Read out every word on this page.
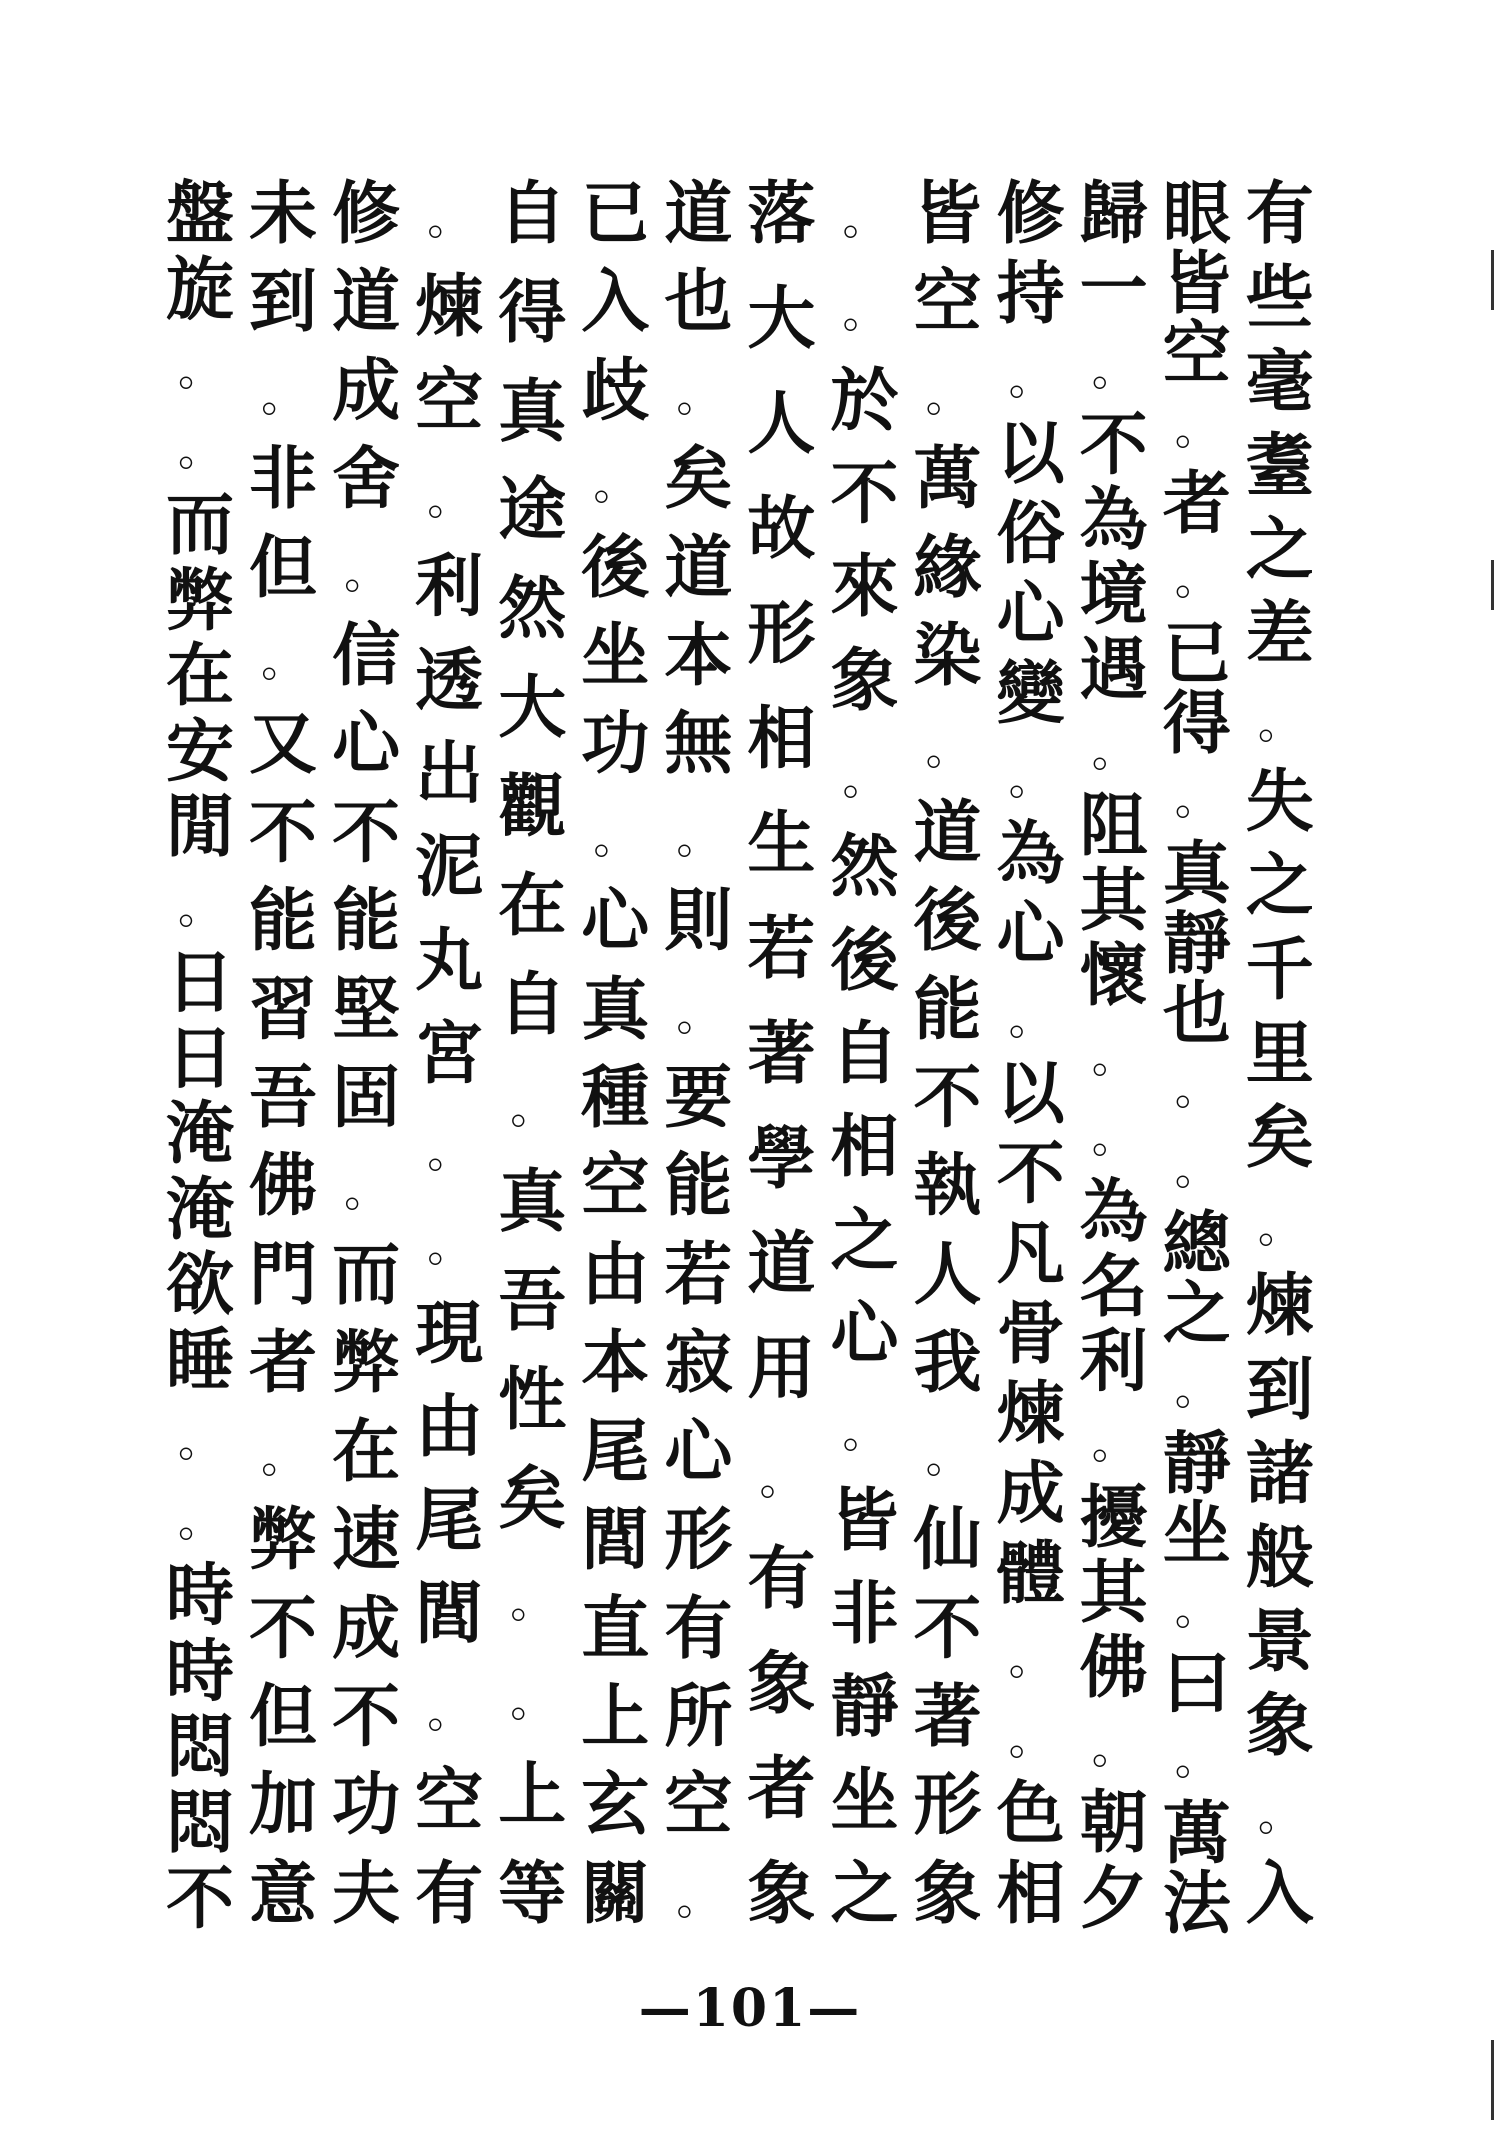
有
些
毫
耋
之
差
。
失
之
千
里
矣
。
煉
到
諸
般
景
象
。
入
眼
皆
空
。
者
。
已
得
。
真
靜
也
。
。
總
之
。
靜
坐
。
曰
。
萬
法
歸
一
。
不
為
境
遇
。
阻
其
懷
。
。
為
名
利
。
擾
其
佛
。
朝
夕
修
持
。
以
俗
心
變
。
為
心
。
以
不
凡
骨
煉
成
體
。
。
色
相
皆
空
。
萬
緣
染
。
道
後
能
不
執
人
我
。
仙
不
著
形
象
。
。
於
不
來
象
。
然
後
自
相
之
心
。
皆
非
靜
坐
之
落
大
人
故
形
相
生
若
著
學
道
用
。
有
象
者
象
道
也
。
矣
道
本
無
。
則
。
要
能
若
寂
心
形
有
所
空
。
已
入
歧
。
後
坐
功
。
心
真
種
空
由
本
尾
閭
直
上
玄
關
自
得
真
途
然
大
觀
在
自
。
真
吾
性
矣
。
。
上
等
。
煉
空
。
利
透
出
泥
丸
宮
。
。
現
由
尾
閭
。
空
有
修
道
成
舍
。
信
心
不
能
堅
固
。
而
弊
在
速
成
不
功
夫
未
到
。
非
但
。
又
不
能
習
吾
佛
門
者
。
弊
不
但
加
意
盤
旋
。
。
而
弊
在
安
閒
。
日
日
淹
淹
欲
睡
。
。
時
時
悶
悶
不
—101—
